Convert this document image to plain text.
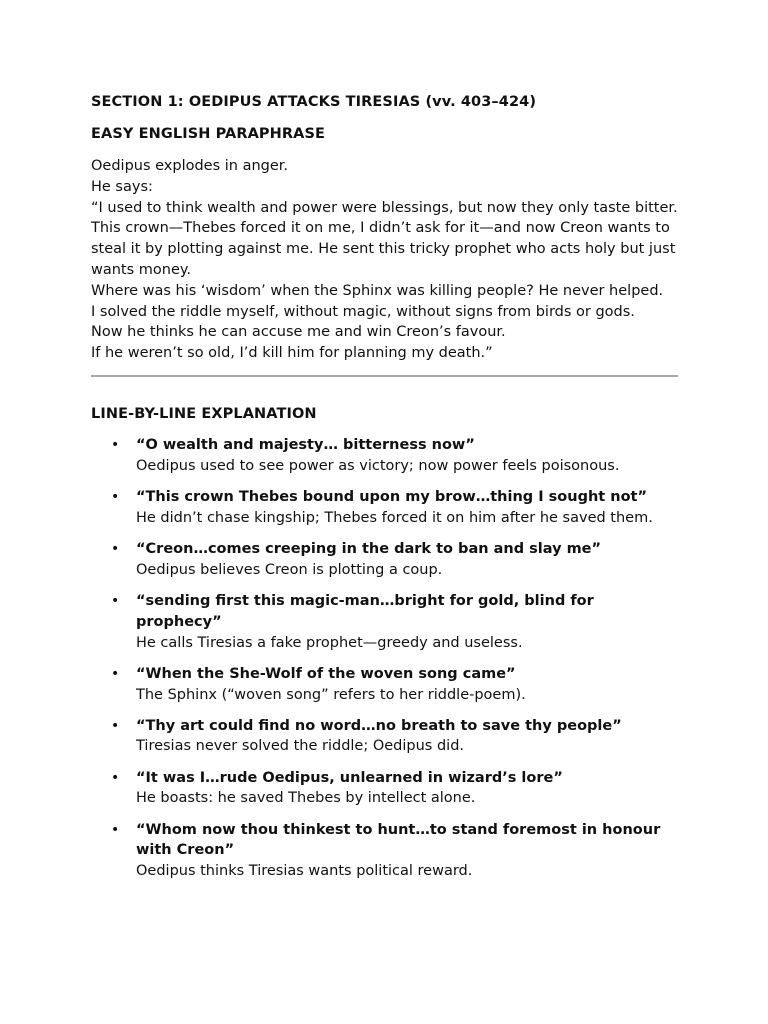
SECTION 1: OEDIPUS ATTACKS TIRESIAS (vv. 403–424)
EASY ENGLISH PARAPHRASE
Oedipus explodes in anger.
He says:
“I used to think wealth and power were blessings, but now they only taste bitter.
This crown—Thebes forced it on me, I didn’t ask for it—and now Creon wants to steal it by plotting against me. He sent this tricky prophet who acts holy but just wants money.
Where was his ‘wisdom’ when the Sphinx was killing people? He never helped.
I solved the riddle myself, without magic, without signs from birds or gods.
Now he thinks he can accuse me and win Creon’s favour.
If he weren’t so old, I’d kill him for planning my death.”
LINE-BY-LINE EXPLANATION
• “O wealth and majesty… bitterness now”
Oedipus used to see power as victory; now power feels poisonous.
• “This crown Thebes bound upon my brow…thing I sought not”
He didn’t chase kingship; Thebes forced it on him after he saved them.
• “Creon…comes creeping in the dark to ban and slay me”
Oedipus believes Creon is plotting a coup.
• “sending first this magic-man…bright for gold, blind for prophecy”
He calls Tiresias a fake prophet—greedy and useless.
• “When the She-Wolf of the woven song came”
The Sphinx (“woven song” refers to her riddle-poem).
• “Thy art could find no word…no breath to save thy people”
Tiresias never solved the riddle; Oedipus did.
• “It was I…rude Oedipus, unlearned in wizard’s lore”
He boasts: he saved Thebes by intellect alone.
• “Whom now thou thinkest to hunt…to stand foremost in honour with Creon”
Oedipus thinks Tiresias wants political reward.
